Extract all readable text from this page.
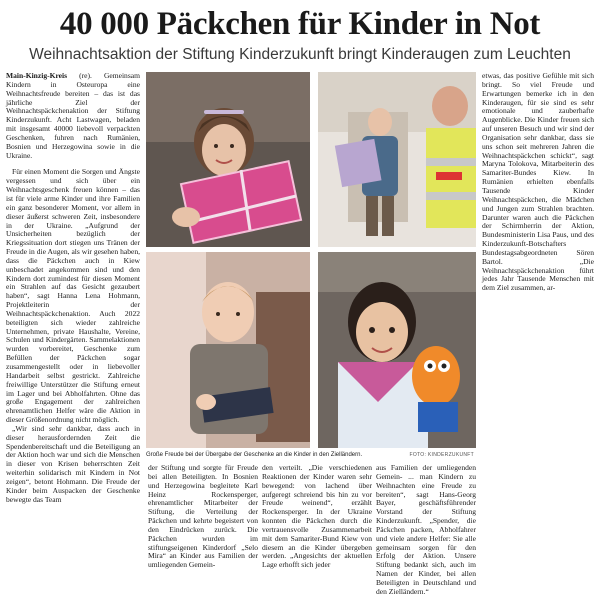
40 000 Päckchen für Kinder in Not
Weihnachtsaktion der Stiftung Kinderzukunft bringt Kinderaugen zum Leuchten

Main-Kinzig-Kreis (re). Gemeinsam Kindern in Osteuropa eine Weihnachtsfreude bereiten – das ist das jährliche Ziel der Weihnachtspäckchenaktion der Stiftung Kinderzukunft. Acht Lastwagen, beladen mit insgesamt 40000 liebevoll verpackten Geschenken, fuhren nach Rumänien, Bosnien und Herzegowina sowie in die Ukraine.

Für einen Moment die Sorgen und Ängste vergessen und sich über ein Weihnachtsgeschenk freuen können – das ist für viele arme Kinder und ihre Familien ein ganz besonderer Moment, vor allem in dieser äußerst schweren Zeit, insbesondere in der Ukraine. „Aufgrund der Unsicherheiten bezüglich der Kriegssituation dort stiegen uns Tränen der Freude in die Augen, als wir gesehen haben, dass die Päckchen auch in Kiew unbeschadet angekommen sind und den Kindern dort zumindest für diesen Moment ein Strahlen auf das Gesicht gezaubert haben“, sagt Hanna Lena Hohmann, Projektleiterin der Weihnachtspäckchenaktion. Auch 2022 beteiligten sich wieder zahlreiche Unternehmen, private Haushalte, Vereine, Schulen und Kindergärten. Sammelaktionen wurden vorbereitet, Geschenke zum Befüllen der Päckchen sogar zusammengestellt oder in liebevoller Handarbeit selbst gestrickt. Zahlreiche freiwillige Unterstützer die Stiftung erneut im Lager und bei Abholfahrten. Ohne das große Engagement der zahlreichen ehrenamtlichen Helfer wäre die Aktion in dieser Größenordnung nicht möglich.

„Wir sind sehr dankbar, dass auch in dieser herausfordernden Zeit die Spendenbereitschaft und die Beteiligung an der Aktion hoch war und sich die Menschen in dieser von Krisen beherrschten Zeit weiterhin solidarisch mit Kindern in Not zeigen“, betont Hohmann. Die Freude der Kinder beim Auspacken der Geschenke bewegte das Team

Große Freude bei der Übergabe der Geschenke an die Kinder in den Zielländern.	FOTO: KINDERZUKUNFT
der Stiftung und sorgte für Freude bei allen Beteiligten. In Bosnien und Herzegowina begleitete Karl Heinz Rockensperger, ehrenamtlicher Mitarbeiter der Stiftung, die Verteilung der Päckchen und kehrte begeistert von den Eindrücken zurück. Die Päckchen wurden im stiftungseigenen Kinderdorf „Selo Mira“ an Kinder aus Familien der umliegenden Gemein-
den verteilt. „Die verschiedenen Reaktionen der Kinder waren sehr bewegend: von lachend über aufgeregt schreiend bis hin zu vor Freude weinend“, erzählt Rockensperger. In der Ukraine konnten die Päckchen durch die vertrauensvolle Zusammenarbeit mit dem Samariter-Bund Kiew von diesem an die Kinder übergeben werden. „Angesichts der aktuellen Lage erhofft sich jeder
aus Familien der umliegenden Gemein- ... man Kindern zu Weihnachten eine Freude zu bereiten“, sagt Hans-Georg Bayer, geschäftsführender Vorstand der Stiftung Kinderzukunft. „Spender, die Päckchen packen, Abholfahrer und viele andere Helfer: Sie alle gemeinsam sorgen für den Erfolg der Aktion. Unsere Stiftung bedankt sich, auch im Namen der Kinder, bei allen Beteiligten in Deutschland und den Zielländern.“
etwas, das positive Gefühle mit sich bringt. So viel Freude und Erwartungen bemerke ich in den Kinderaugen, für sie sind es sehr emotionale und zauberhafte Augenblicke. Die Kinder freuen sich auf unseren Besuch und wir sind der Organisation sehr dankbar, dass sie uns schon seit mehreren Jahren die Weihnachtspäckchen schickt“, sagt Maryna Tolokova, Mitarbeiterin des Samariter-Bundes Kiew. In Rumänien erhielten ebenfalls Tausende Kinder Weihnachtspäckchen, die Mädchen und Jungen zum Strahlen brachten. Darunter waren auch die Päckchen der Schirmherrin der Aktion, Bundesministerin Lisa Paus, und des Kinderzukunft-Botschafters Bundestagsabgeordneten Sören Bartol. „Die Weihnachtspäckchenaktion führt jedes Jahr Tausende Menschen mit dem Ziel zusammen, ar-
